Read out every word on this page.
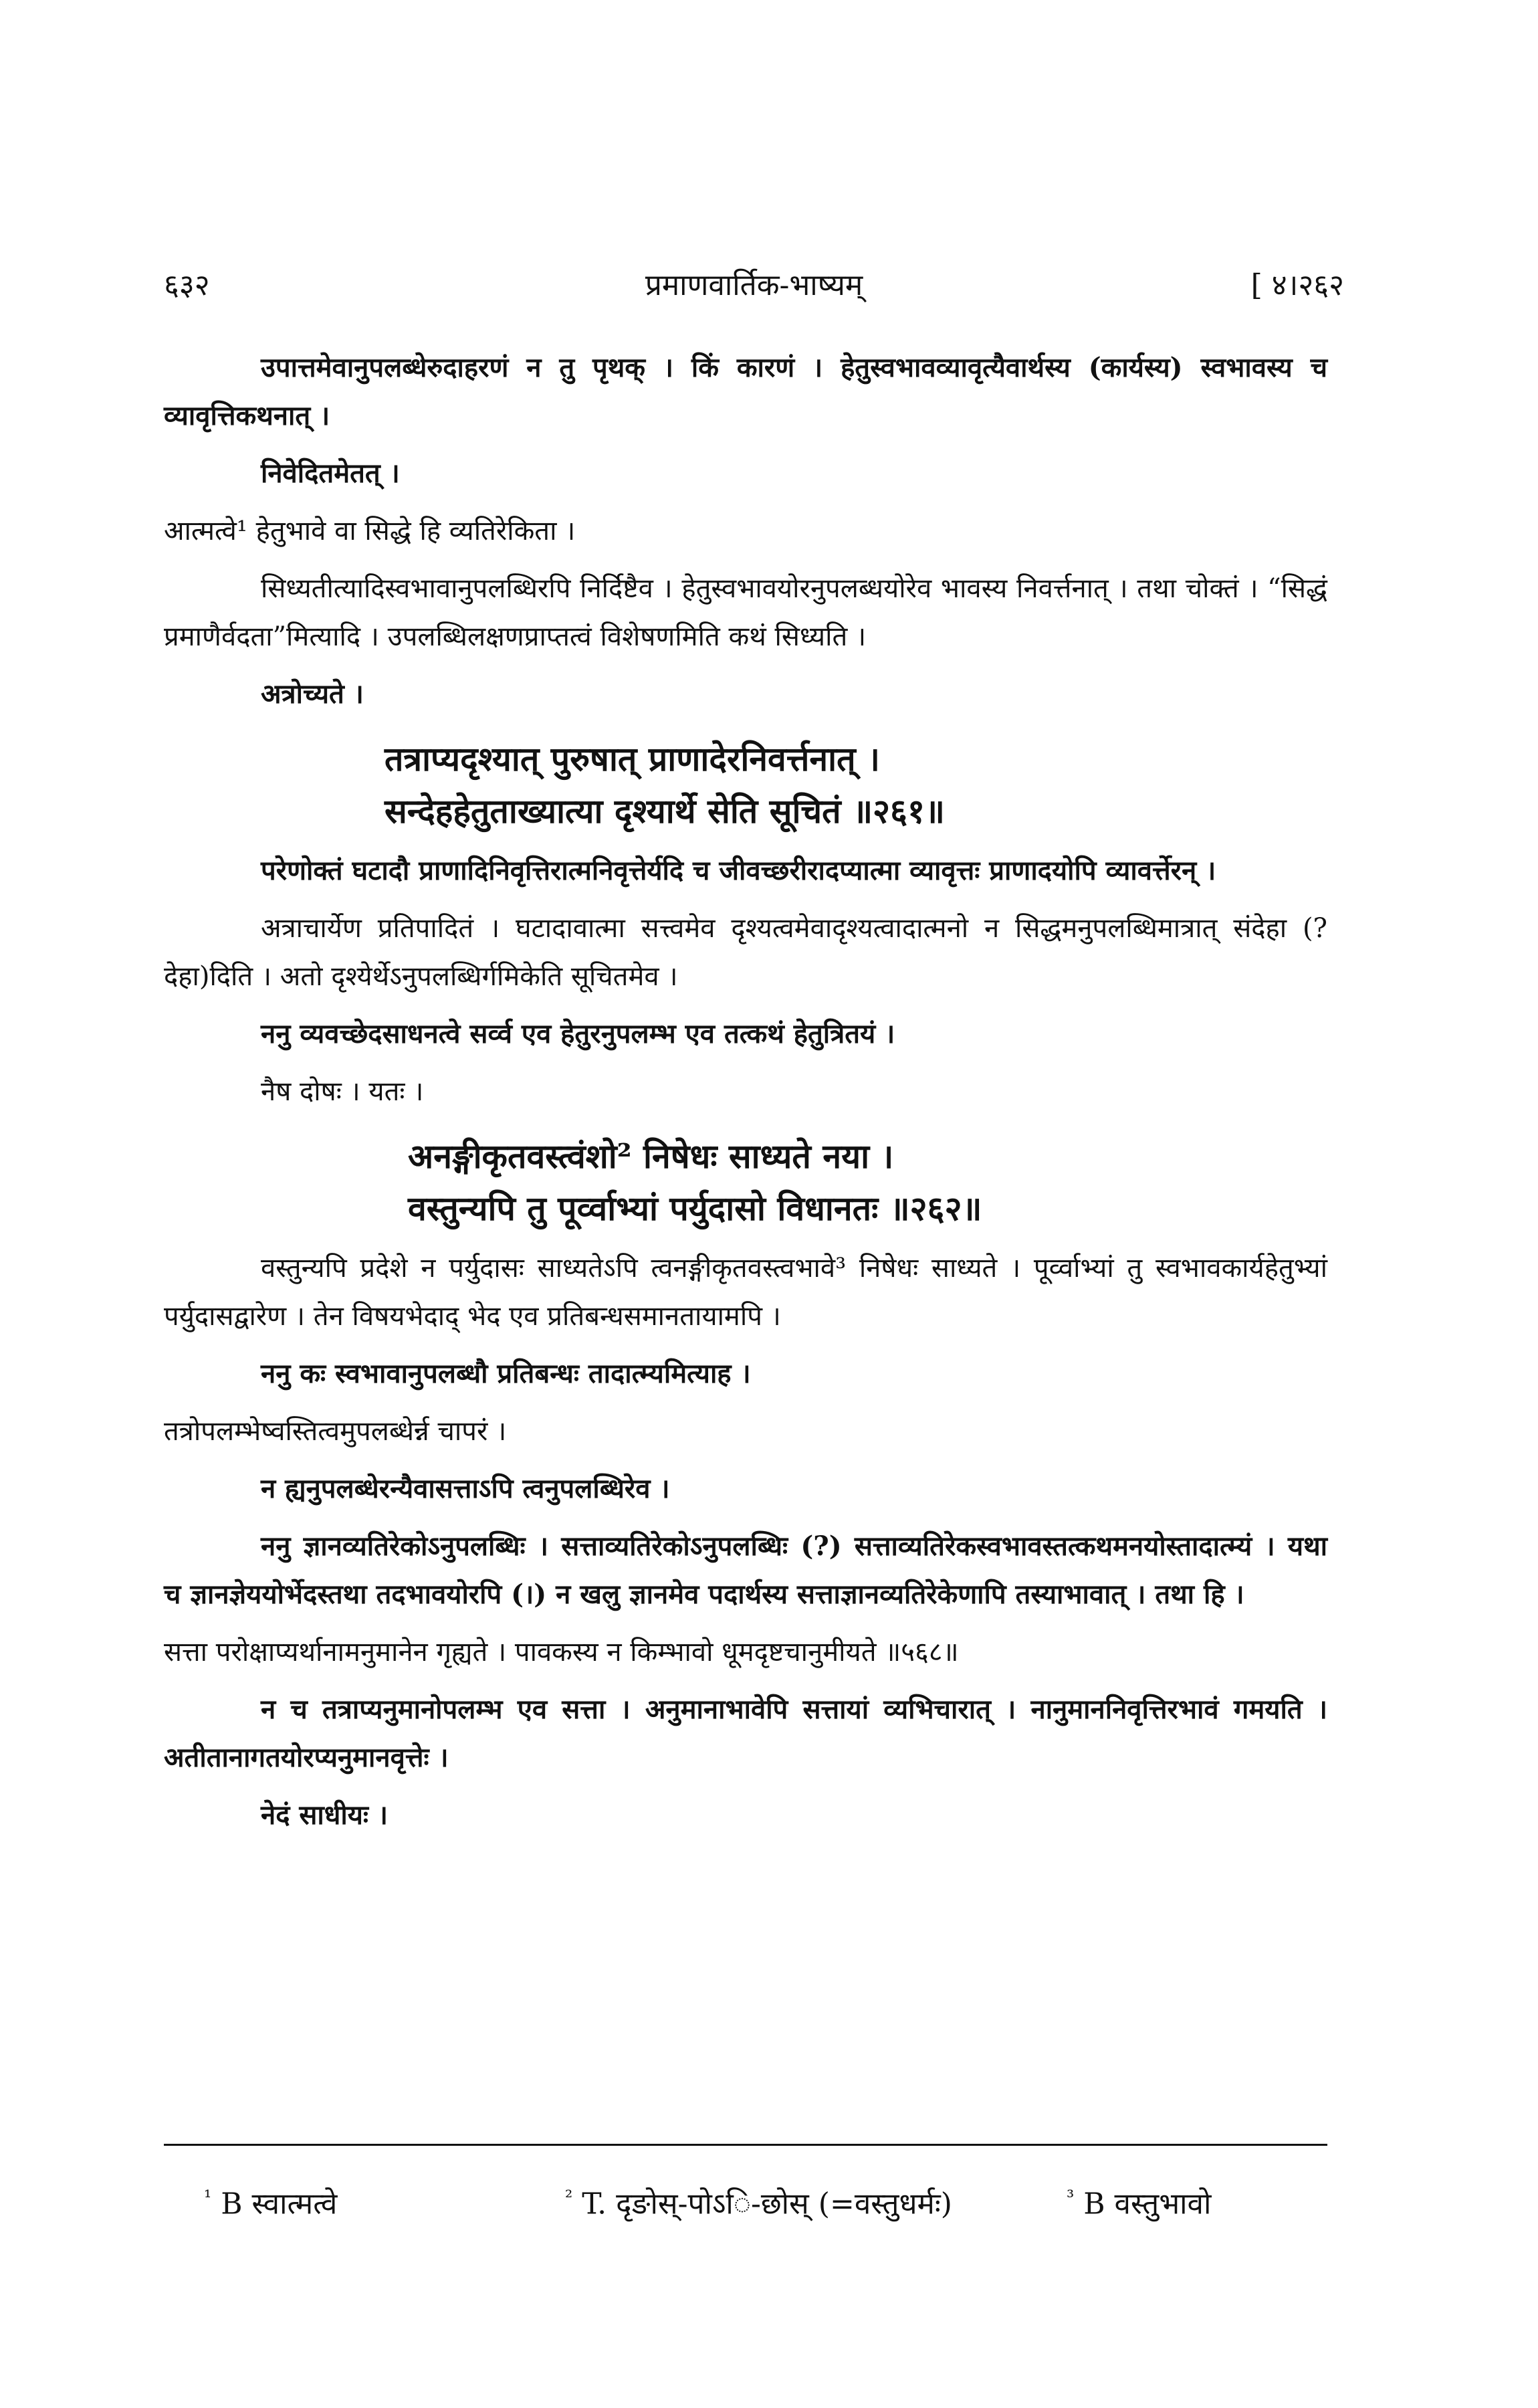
६३२	प्रमाणवार्तिक-भाष्यम्	[ ४।२६२

उपात्तमेवानुपलब्धेरुदाहरणं न तु पृथक् । किं कारणं । हेतुस्वभावव्यावृत्यैवार्थस्य (कार्यस्य) स्वभावस्य च व्यावृत्तिकथनात् ।

निवेदितमेतत् ।

आत्मत्वे¹ हेतुभावे वा सिद्धे हि व्यतिरेकिता ।

सिध्यतीत्यादिस्वभावानुपलब्धिरपि निर्दिष्टैव । हेतुस्वभावयोरनुपलब्धयोरेव भावस्य निवर्त्तनात् । तथा चोक्तं । “सिद्धं प्रमाणैर्वदता”मित्यादि । उपलब्धिलक्षणप्राप्तत्वं विशेषणमिति कथं सिध्यति ।

अत्रोच्यते ।

तत्राप्यदृश्यात् पुरुषात् प्राणादेरनिवर्त्तनात् ।
सन्देहहेतुताख्यात्या दृश्यार्थे सेति सूचितं ॥२६१॥

परेणोक्तं घटादौ प्राणादिनिवृत्तिरात्मनिवृत्तेर्यदि च जीवच्छरीरादप्यात्मा व्यावृत्तः प्राणादयोपि व्यावर्त्तेरन् ।

अत्राचार्येण प्रतिपादितं । घटादावात्मा सत्त्वमेव दृश्यत्वमेवादृश्यत्वादात्मनो न सिद्धमनुपलब्धिमात्रात् संदेहा (? देहा)दिति । अतो दृश्येर्थेऽनुपलब्धिर्गमिकेति सूचितमेव ।

ननु व्यवच्छेदसाधनत्वे सर्व्व एव हेतुरनुपलम्भ एव तत्कथं हेतुत्रितयं ।

नैष दोषः । यतः ।

अनङ्गीकृतवस्त्वंशो² निषेधः साध्यते नया ।
वस्तुन्यपि तु पूर्व्वाभ्यां पर्युदासो विधानतः ॥२६२॥

वस्तुन्यपि प्रदेशे न पर्युदासः साध्यतेऽपि त्वनङ्गीकृतवस्त्वभावे³ निषेधः साध्यते । पूर्व्वाभ्यां तु स्वभावकार्यहेतुभ्यां पर्युदासद्वारेण । तेन विषयभेदाद् भेद एव प्रतिबन्धसमानतायामपि ।

ननु कः स्वभावानुपलब्धौ प्रतिबन्धः तादात्म्यमित्याह ।

तत्रोपलम्भेष्वस्तित्वमुपलब्धेर्न्न चापरं ।

न ह्यनुपलब्धेरन्यैवासत्ताऽपि त्वनुपलब्धिरेव ।

ननु ज्ञानव्यतिरेकोऽनुपलब्धिः । सत्ताव्यतिरेकोऽनुपलब्धिः (?) सत्ताव्यतिरेकस्वभावस्तत्कथमनयोस्तादात्म्यं । यथा च ज्ञानज्ञेययोर्भेदस्तथा तदभावयोरपि (।) न खलु ज्ञानमेव पदार्थस्य सत्ताज्ञानव्यतिरेकेणापि तस्याभावात् । तथा हि ।

सत्ता परोक्षाप्यर्थानामनुमानेन गृह्यते । पावकस्य न किम्भावो धूमदृष्टचानुमीयते ॥५६८॥

न च तत्राप्यनुमानोपलम्भ एव सत्ता । अनुमानाभावेपि सत्तायां व्यभिचारात् । नानुमाननिवृत्तिरभावं गमयति । अतीतानागतयोरप्यनुमानवृत्तेः ।

नेदं साधीयः ।

$^{^1}$ B स्वात्मत्वे	$^{^2}$ T. दृङोस्-पोऽि-छोस् (=वस्तुधर्मः)	$^{^3}$ B वस्तुभावो
